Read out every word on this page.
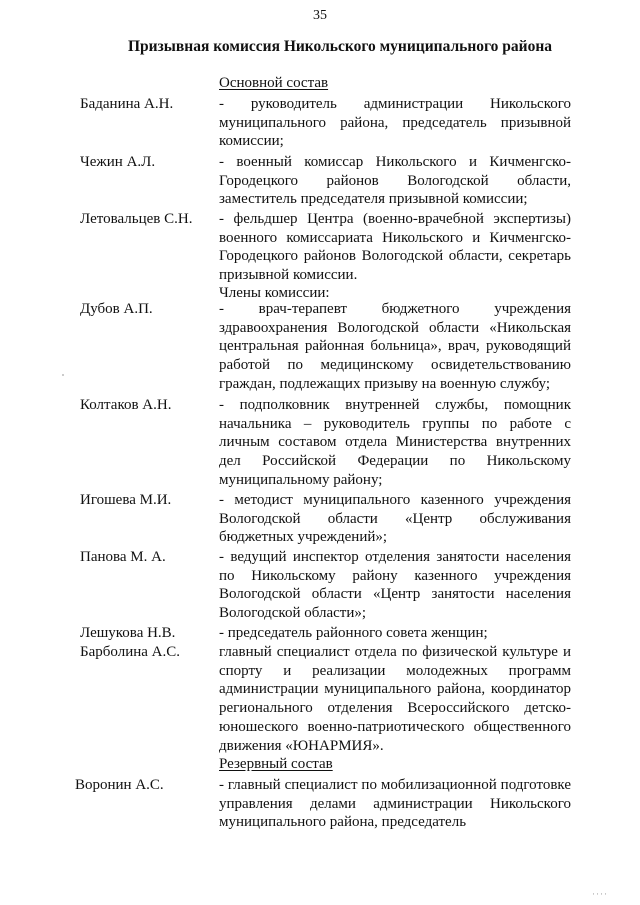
35
Призывная комиссия Никольского муниципального района
Основной состав
Баданина А.Н.	- руководитель администрации Никольского муниципального района, председатель призывной комиссии;
Чежин А.Л.	- военный комиссар Никольского и Кичменгско-Городецкого районов Вологодской области, заместитель председателя призывной комиссии;
Летовальцев С.Н. - фельдшер Центра (военно-врачебной экспертизы) военного комиссариата Никольского и Кичменгско-Городецкого районов Вологодской области, секретарь призывной комиссии.
Члены комиссии:
Дубов А.П.	- врач-терапевт бюджетного учреждения здравоохранения Вологодской области «Никольская центральная районная больница», врач, руководящий работой по медицинскому освидетельствованию граждан, подлежащих призыву на военную службу;
Колтаков А.Н.	- подполковник внутренней службы, помощник начальника – руководитель группы по работе с личным составом отдела Министерства внутренних дел Российской Федерации по Никольскому муниципальному району;
Игошева М.И.	- методист муниципального казенного учреждения Вологодской области «Центр обслуживания бюджетных учреждений»;
Панова М. А.	- ведущий инспектор отделения занятости населения по Никольскому району казенного учреждения Вологодской области «Центр занятости населения Вологодской области»;
Лешукова Н.В.	- председатель районного совета женщин;
Барболина А.С.	главный специалист отдела по физической культуре и спорту и реализации молодежных программ администрации муниципального района, координатор регионального отделения Всероссийского детско-юношеского военно-патриотического общественного движения «ЮНАРМИЯ».
Резервный состав
Воронин А.С.	- главный специалист по мобилизационной подготовке управления делами администрации Никольского муниципального района, председатель
····
